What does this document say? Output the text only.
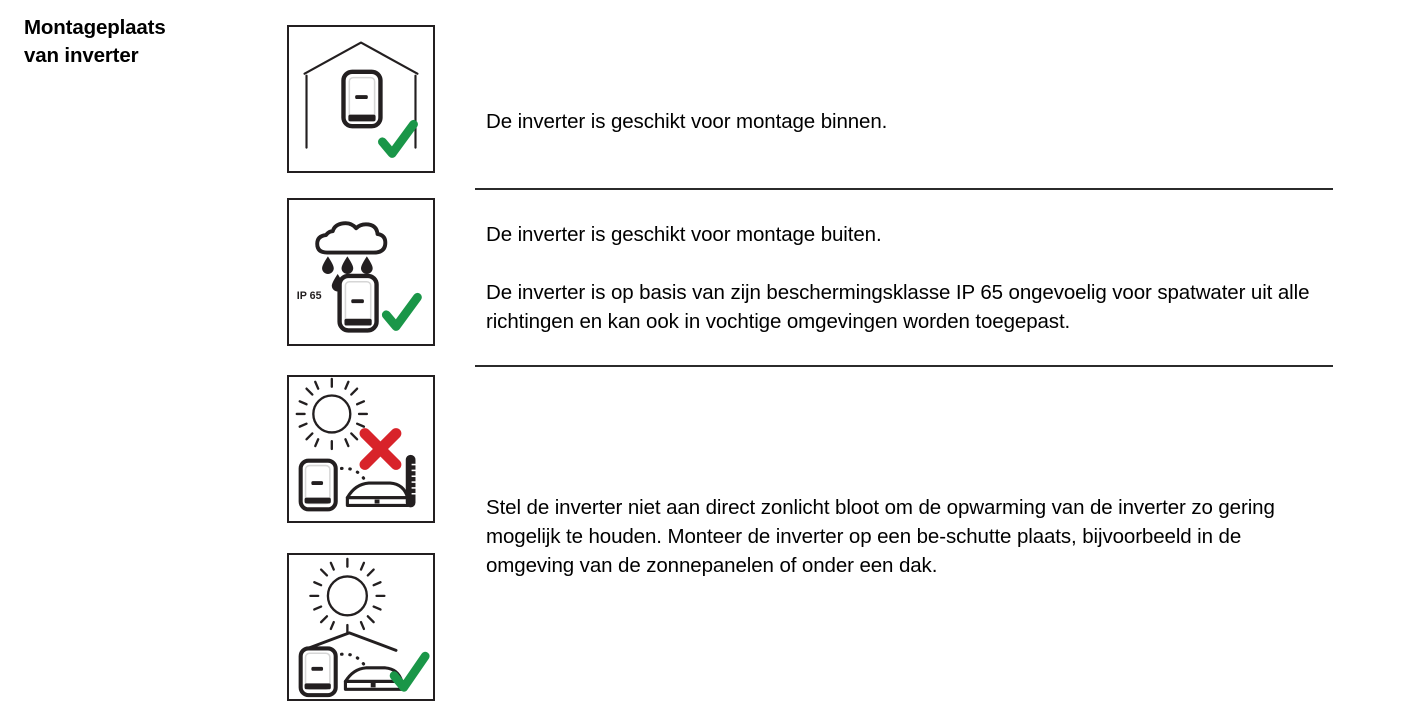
Montageplaats
van inverter
IP 65

De inverter is geschikt voor montage binnen.

De inverter is geschikt voor montage buiten.

De inverter is op basis van zijn beschermingsklasse IP 65 ongevoelig voor spatwater uit alle richtingen en kan ook in vochtige omgevingen worden toegepast.

Stel de inverter niet aan direct zonlicht bloot om de opwarming van de inverter zo gering mogelijk te houden. Monteer de inverter op een be-schutte plaats, bijvoorbeeld in de omgeving van de zonnepanelen of onder een dak.
